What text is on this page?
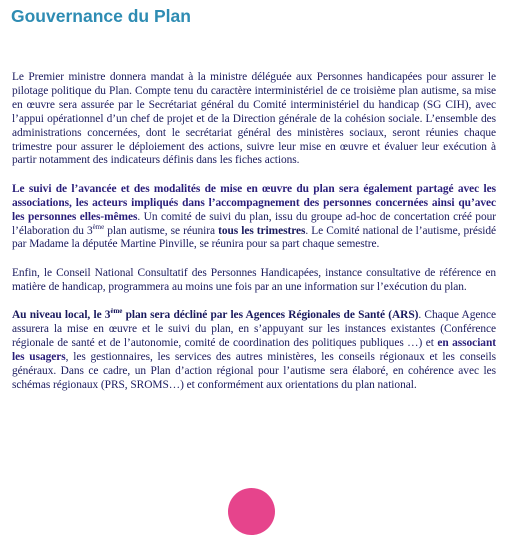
Gouvernance du Plan

Le Premier ministre donnera mandat à la ministre déléguée aux Personnes handicapées pour assurer le pilotage politique du Plan. Compte tenu du caractère interministériel de ce troisième plan autisme, sa mise en œuvre sera assurée par le Secrétariat général du Comité interministériel du handicap (SG CIH), avec l’appui opérationnel d’un chef de projet et de la Direction générale de la cohésion sociale. L’ensemble des administrations concernées, dont le secrétariat général des ministères sociaux, seront réunies chaque trimestre pour assurer le déploiement des actions, suivre leur mise en œuvre et évaluer leur exécution à partir notamment des indicateurs définis dans les fiches actions.

Le suivi de l’avancée et des modalités de mise en œuvre du plan sera également partagé avec les associations, les acteurs impliqués dans l’accompagnement des personnes concernées ainsi qu’avec les personnes elles-mêmes. Un comité de suivi du plan, issu du groupe ad-hoc de concertation créé pour l’élaboration du 3ème plan autisme, se réunira tous les trimestres. Le Comité national de l’autisme, présidé par Madame la députée Martine Pinville, se réunira pour sa part chaque semestre.

Enfin, le Conseil National Consultatif des Personnes Handicapées, instance consultative de référence en matière de handicap, programmera au moins une fois par an une information sur l’exécution du plan.

Au niveau local, le 3ème plan sera décliné par les Agences Régionales de Santé (ARS). Chaque Agence assurera la mise en œuvre et le suivi du plan, en s’appuyant sur les instances existantes (Conférence régionale de santé et de l’autonomie, comité de coordination des politiques publiques …) et en associant les usagers, les gestionnaires, les services des autres ministères, les conseils régionaux et les conseils généraux. Dans ce cadre, un Plan d’action régional pour l’autisme sera élaboré, en cohérence avec les schémas régionaux (PRS, SROMS…) et conformément aux orientations du plan national.
